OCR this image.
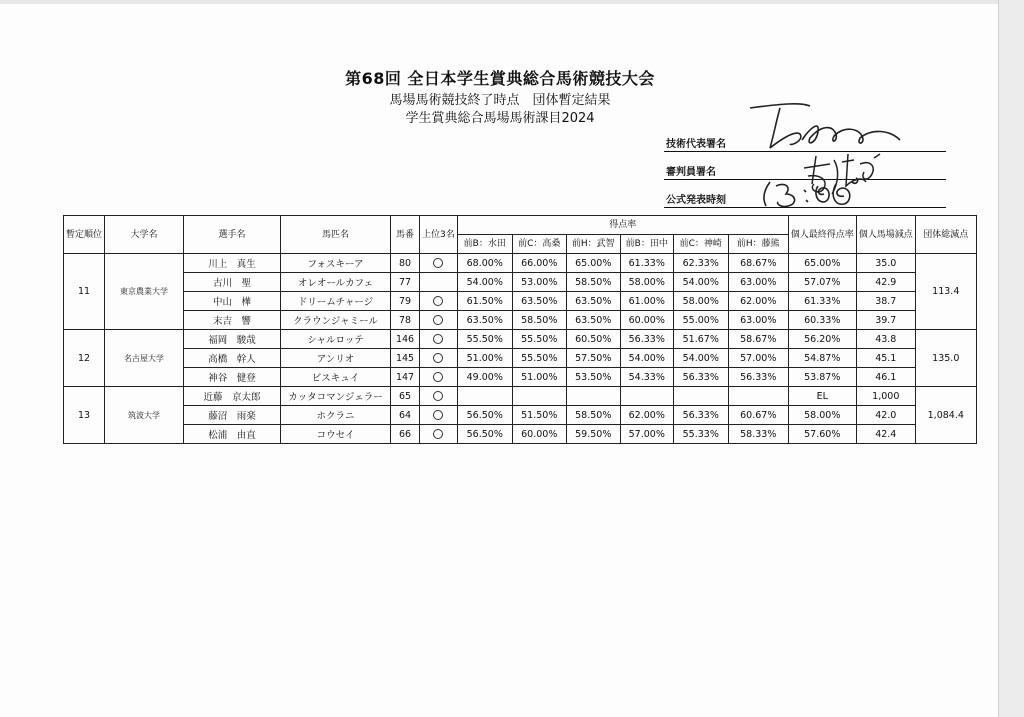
第68回 全日本学生賞典総合馬術競技大会
馬場馬術競技終了時点　団体暫定結果
学生賞典総合馬場馬術課目2024
技術代表署名
審判員署名
公式発表時刻
暫定順位	大学名	選手名	馬匹名	馬番	上位3名	得点率						個人最終得点率	個人馬場減点	団体総減点
						前B：水田	前C：高桑	前H：武智	前B：田中	前C：神崎	前H：藤熊			
11	東京農業大学	川上　真生	フォスキーア	80		68.00%	66.00%	65.00%	61.33%	62.33%	68.67%	65.00%	35.0	113.4
		古川　聖	オレオールカフェ	77		54.00%	53.00%	58.50%	58.00%	54.00%	63.00%	57.07%	42.9	
		中山　樺	ドリームチャージ	79		61.50%	63.50%	63.50%	61.00%	58.00%	62.00%	61.33%	38.7	
		末吉　響	クラウンジャミール	78		63.50%	58.50%	63.50%	60.00%	55.00%	63.00%	60.33%	39.7	
12	名古屋大学	福岡　駿哉	シャルロッテ	146		55.50%	55.50%	60.50%	56.33%	51.67%	58.67%	56.20%	43.8	135.0
		高橋　幹人	アンリオ	145		51.00%	55.50%	57.50%	54.00%	54.00%	57.00%	54.87%	45.1	
		神谷　健登	ビスキュイ	147		49.00%	51.00%	53.50%	54.33%	56.33%	56.33%	53.87%	46.1	
13	筑波大学	近藤　京太郎	カッタコマンジェラー	65								EL	1,000	1,084.4
		藤沼　雨楽	ホクラニ	64		56.50%	51.50%	58.50%	62.00%	56.33%	60.67%	58.00%	42.0	
		松浦　由直	コウセイ	66		56.50%	60.00%	59.50%	57.00%	55.33%	58.33%	57.60%	42.4	
